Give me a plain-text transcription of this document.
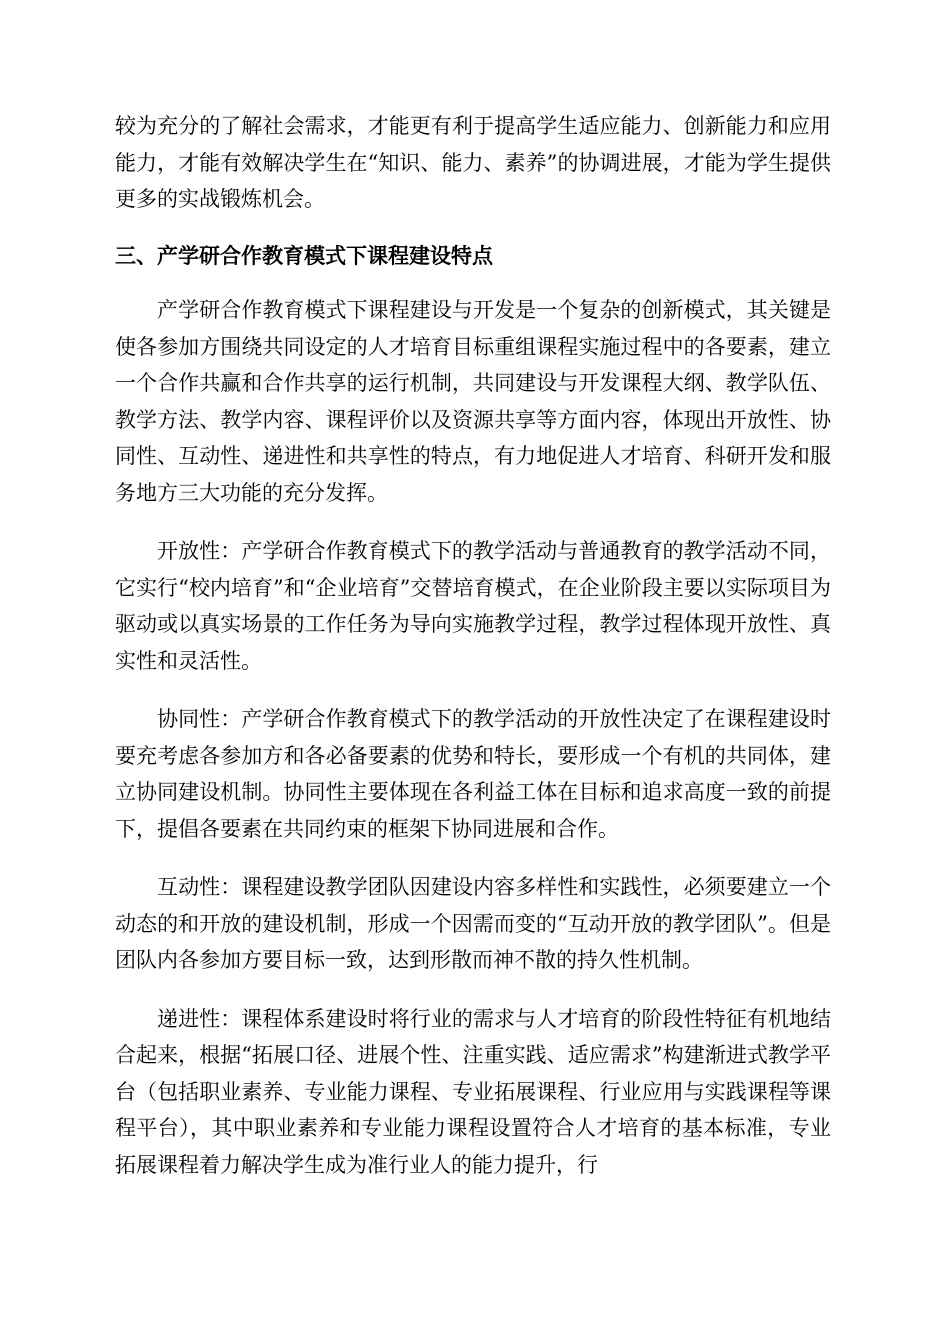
较为充分的了解社会需求，才能更有利于提高学生适应能力、创新能力和应用能力，才能有效解决学生在“知识、能力、素养”的协调进展，才能为学生提供更多的实战锻炼机会。

三、产学研合作教育模式下课程建设特点

产学研合作教育模式下课程建设与开发是一个复杂的创新模式，其关键是使各参加方围绕共同设定的人才培育目标重组课程实施过程中的各要素，建立一个合作共赢和合作共享的运行机制，共同建设与开发课程大纲、教学队伍、教学方法、教学内容、课程评价以及资源共享等方面内容，体现出开放性、协同性、互动性、递进性和共享性的特点，有力地促进人才培育、科研开发和服务地方三大功能的充分发挥。

开放性：产学研合作教育模式下的教学活动与普通教育的教学活动不同，它实行“校内培育”和“企业培育”交替培育模式，在企业阶段主要以实际项目为驱动或以真实场景的工作任务为导向实施教学过程，教学过程体现开放性、真实性和灵活性。

协同性：产学研合作教育模式下的教学活动的开放性决定了在课程建设时要充考虑各参加方和各必备要素的优势和特长，要形成一个有机的共同体，建立协同建设机制。协同性主要体现在各利益工体在目标和追求高度一致的前提下，提倡各要素在共同约束的框架下协同进展和合作。

互动性：课程建设教学团队因建设内容多样性和实践性，必须要建立一个动态的和开放的建设机制，形成一个因需而变的“互动开放的教学团队”。但是团队内各参加方要目标一致，达到形散而神不散的持久性机制。

递进性：课程体系建设时将行业的需求与人才培育的阶段性特征有机地结合起来，根据“拓展口径、进展个性、注重实践、适应需求”构建渐进式教学平台（包括职业素养、专业能力课程、专业拓展课程、行业应用与实践课程等课程平台），其中职业素养和专业能力课程设置符合人才培育的基本标准，专业拓展课程着力解决学生成为准行业人的能力提升，行
